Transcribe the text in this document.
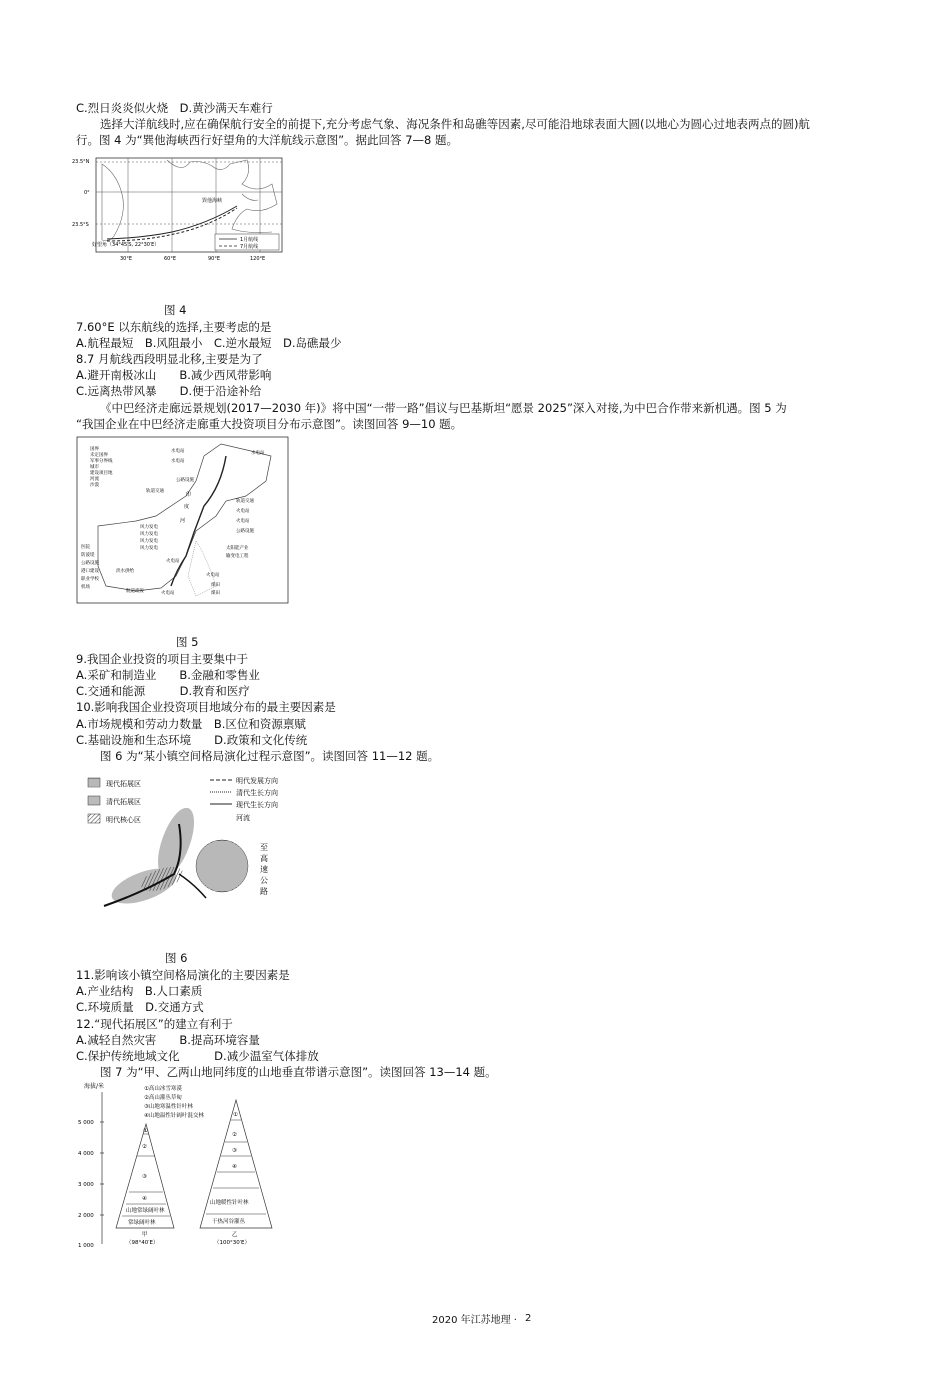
C.烈日炎炎似火烧　D.黄沙满天车难行
选择大洋航线时,应在确保航行安全的前提下,充分考虑气象、海况条件和岛礁等因素,尽可能沿地球表面大圆(以地心为圆心过地表两点的圆)航
行。图 4 为“巽他海峡西行好望角的大洋航线示意图”。据此回答 7—8 题。
1月航线
7月航线
23.5°N
0°
23.5°S
30°E	60°E	90°E	120°E
巽他海峡
好望角（34°45′S, 22°30′E）
图 4
7.60°E 以东航线的选择,主要考虑的是
A.航程最短　B.风阻最小　C.逆水最短　D.岛礁最少
8.7 月航线西段明显北移,主要是为了
A.避开南极冰山　　B.减少西风带影响
C.远离热带风暴　　D.便于沿途补给
《中巴经济走廊远景规划(2017—2030 年)》将中国“一带一路”倡议与巴基斯坦“愿景 2025”深入对接,为中巴合作带来新机遇。图 5 为
“我国企业在中巴经济走廊重大投资项目分布示意图”。读图回答 9—10 题。
国界
未定国界
军事分界线
城市
建设项目地
河流
沙漠
水电站
水电站
水电站
公路设施
轨道交通
轨道交通
火电站
火电站
公路设施
风力发电
风力发电
风力发电
风力发电	太阳能产业
输变电工程
火电站
医院
防波堤
公路设施
港口建设
职业学校
机场
淡水供给
航道疏浚
火电站
火电站
煤田
煤田
印
度
河
图 5
9.我国企业投资的项目主要集中于
A.采矿和制造业　　B.金融和零售业
C.交通和能源　　　D.教育和医疗
10.影响我国企业投资项目地域分布的最主要因素是
A.市场规模和劳动力数量　B.区位和资源禀赋
C.基础设施和生态环境　　D.政策和文化传统
图 6 为“某小镇空间格局演化过程示意图”。读图回答 11—12 题。
现代拓展区
清代拓展区
明代核心区
明代发展方向
清代生长方向
现代生长方向
河流
至
高
速
公
路
图 6
11.影响该小镇空间格局演化的主要因素是
A.产业结构　B.人口素质
C.环境质量　D.交通方式
12.“现代拓展区”的建立有利于
A.减轻自然灾害　　B.提高环境容量
C.保护传统地域文化　　　D.减少温室气体排放
图 7 为“甲、乙两山地同纬度的山地垂直带谱示意图”。读图回答 13—14 题。
海拔/米
5 000
4 000
3 000
2 000
1 000
①高山冰雪寒漠
②高山灌丛草甸
③山地寒温性针叶林
④山地温性针阔叶混交林
①
②
③
④
山地常绿阔叶林
常绿阔叶林
甲
（98°40′E）
①
②
③
④
山地暖性针叶林
干热河谷灌丛
乙
（100°30′E）
2020 年江苏地理 · 2
